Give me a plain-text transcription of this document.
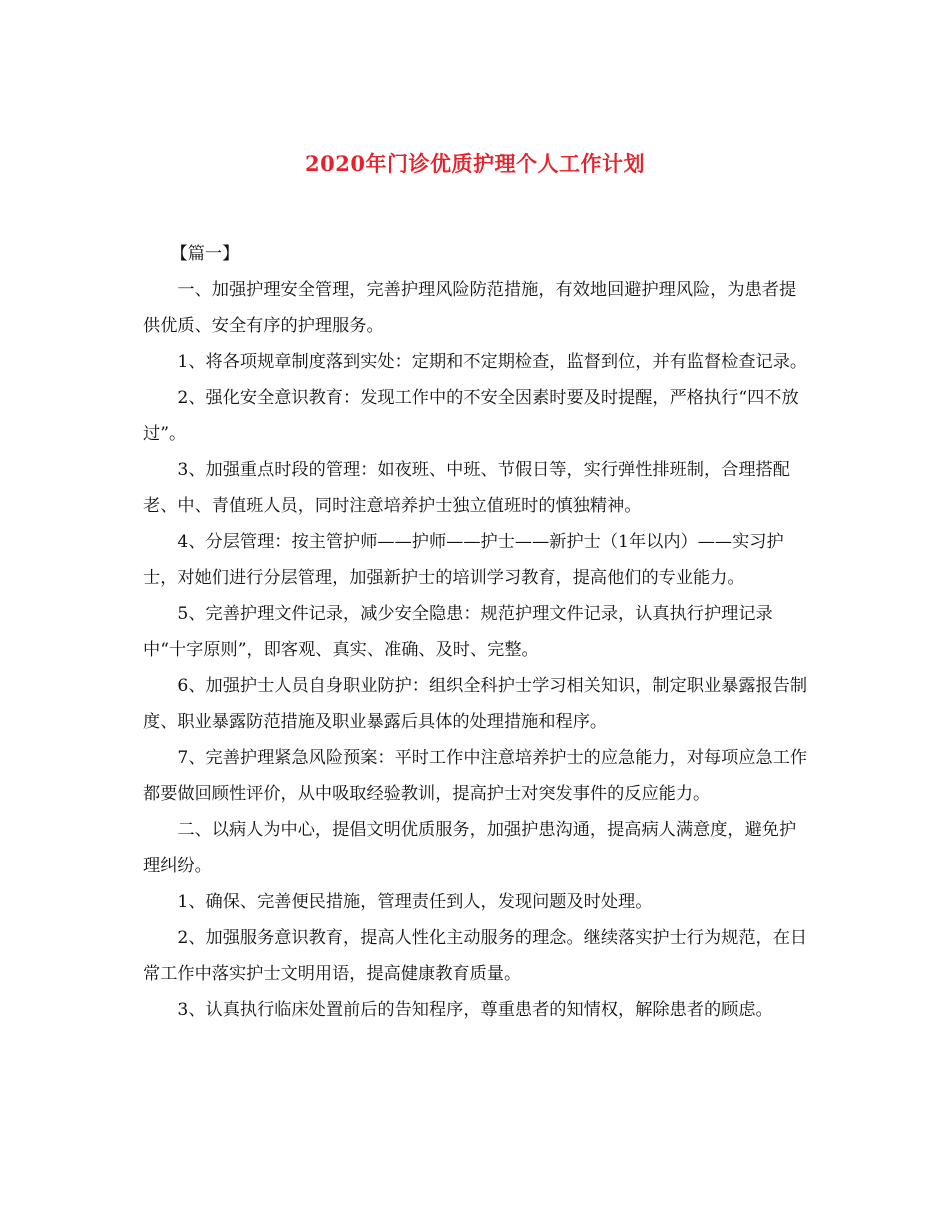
2020年门诊优质护理个人工作计划

【篇一】

一、加强护理安全管理，完善护理风险防范措施，有效地回避护理风险，为患者提供优质、安全有序的护理服务。

1、将各项规章制度落到实处：定期和不定期检查，监督到位，并有监督检查记录。

2、强化安全意识教育：发现工作中的不安全因素时要及时提醒，严格执行“四不放过”。

3、加强重点时段的管理：如夜班、中班、节假日等，实行弹性排班制，合理搭配老、中、青值班人员，同时注意培养护士独立值班时的慎独精神。

4、分层管理：按主管护师——护师——护士——新护士（1年以内）——实习护士，对她们进行分层管理，加强新护士的培训学习教育，提高他们的专业能力。

5、完善护理文件记录，减少安全隐患：规范护理文件记录，认真执行护理记录中“十字原则”，即客观、真实、准确、及时、完整。

6、加强护士人员自身职业防护：组织全科护士学习相关知识，制定职业暴露报告制度、职业暴露防范措施及职业暴露后具体的处理措施和程序。

7、完善护理紧急风险预案：平时工作中注意培养护士的应急能力，对每项应急工作都要做回顾性评价，从中吸取经验教训，提高护士对突发事件的反应能力。

二、以病人为中心，提倡文明优质服务，加强护患沟通，提高病人满意度，避免护理纠纷。

1、确保、完善便民措施，管理责任到人，发现问题及时处理。

2、加强服务意识教育，提高人性化主动服务的理念。继续落实护士行为规范，在日常工作中落实护士文明用语，提高健康教育质量。

3、认真执行临床处置前后的告知程序，尊重患者的知情权，解除患者的顾虑。
